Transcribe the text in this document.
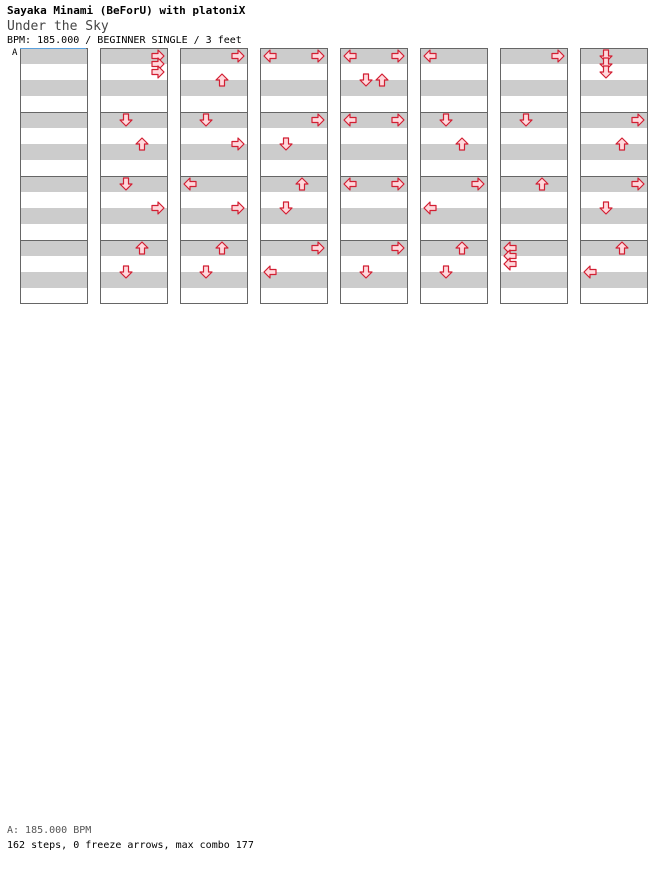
Sayaka Minami (BeForU) with platoniX
Under the Sky
BPM: 185.000 / BEGINNER SINGLE / 3 feet
A
A: 185.000 BPM
162 steps, 0 freeze arrows, max combo 177
